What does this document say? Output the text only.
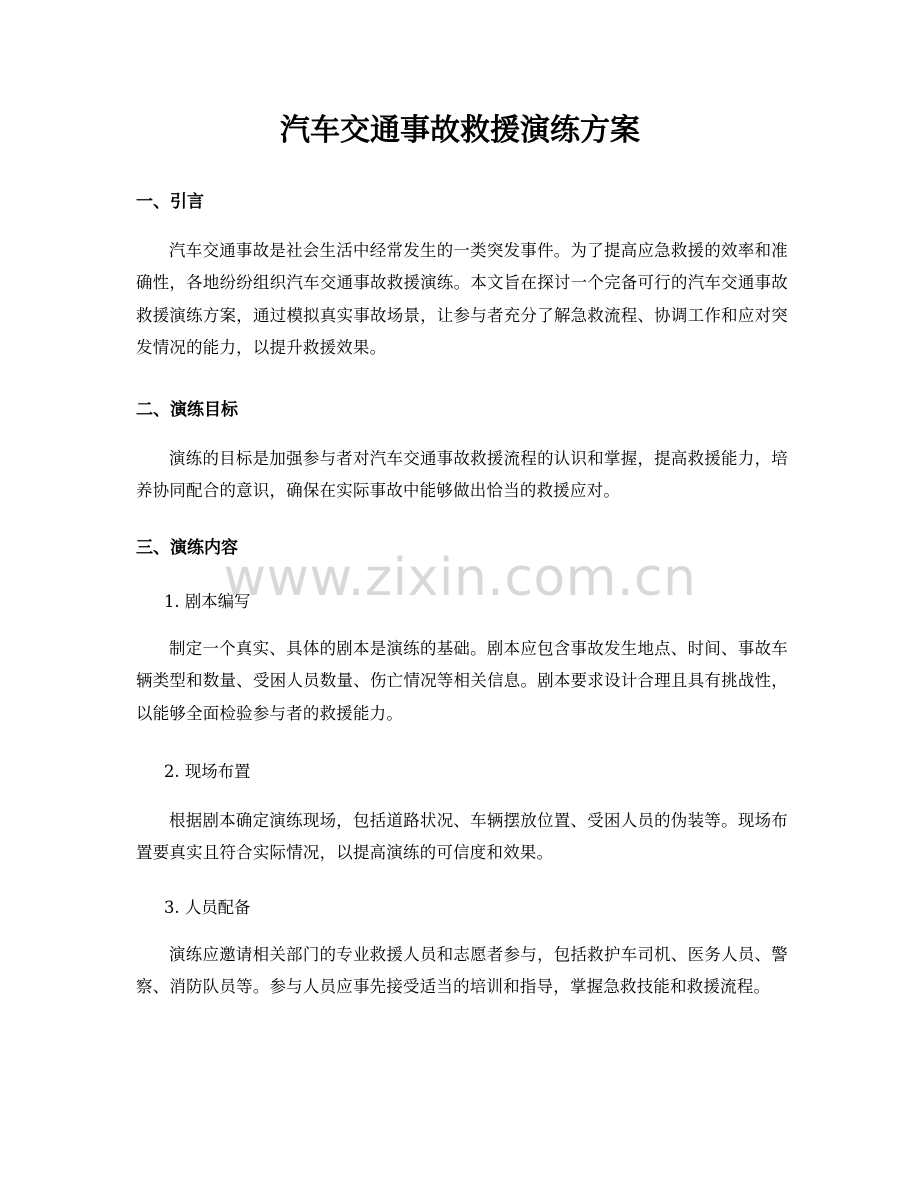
汽车交通事故救援演练方案
一、引言

汽车交通事故是社会生活中经常发生的一类突发事件。为了提高应急救援的效率和准确性，各地纷纷组织汽车交通事故救援演练。本文旨在探讨一个完备可行的汽车交通事故救援演练方案，通过模拟真实事故场景，让参与者充分了解急救流程、协调工作和应对突发情况的能力，以提升救援效果。

二、演练目标

演练的目标是加强参与者对汽车交通事故救援流程的认识和掌握，提高救援能力，培养协同配合的意识，确保在实际事故中能够做出恰当的救援应对。

三、演练内容
www.zixin.com.cn

1. 剧本编写

制定一个真实、具体的剧本是演练的基础。剧本应包含事故发生地点、时间、事故车辆类型和数量、受困人员数量、伤亡情况等相关信息。剧本要求设计合理且具有挑战性，以能够全面检验参与者的救援能力。

2. 现场布置

根据剧本确定演练现场，包括道路状况、车辆摆放位置、受困人员的伪装等。现场布置要真实且符合实际情况，以提高演练的可信度和效果。

3. 人员配备

演练应邀请相关部门的专业救援人员和志愿者参与，包括救护车司机、医务人员、警察、消防队员等。参与人员应事先接受适当的培训和指导，掌握急救技能和救援流程。
